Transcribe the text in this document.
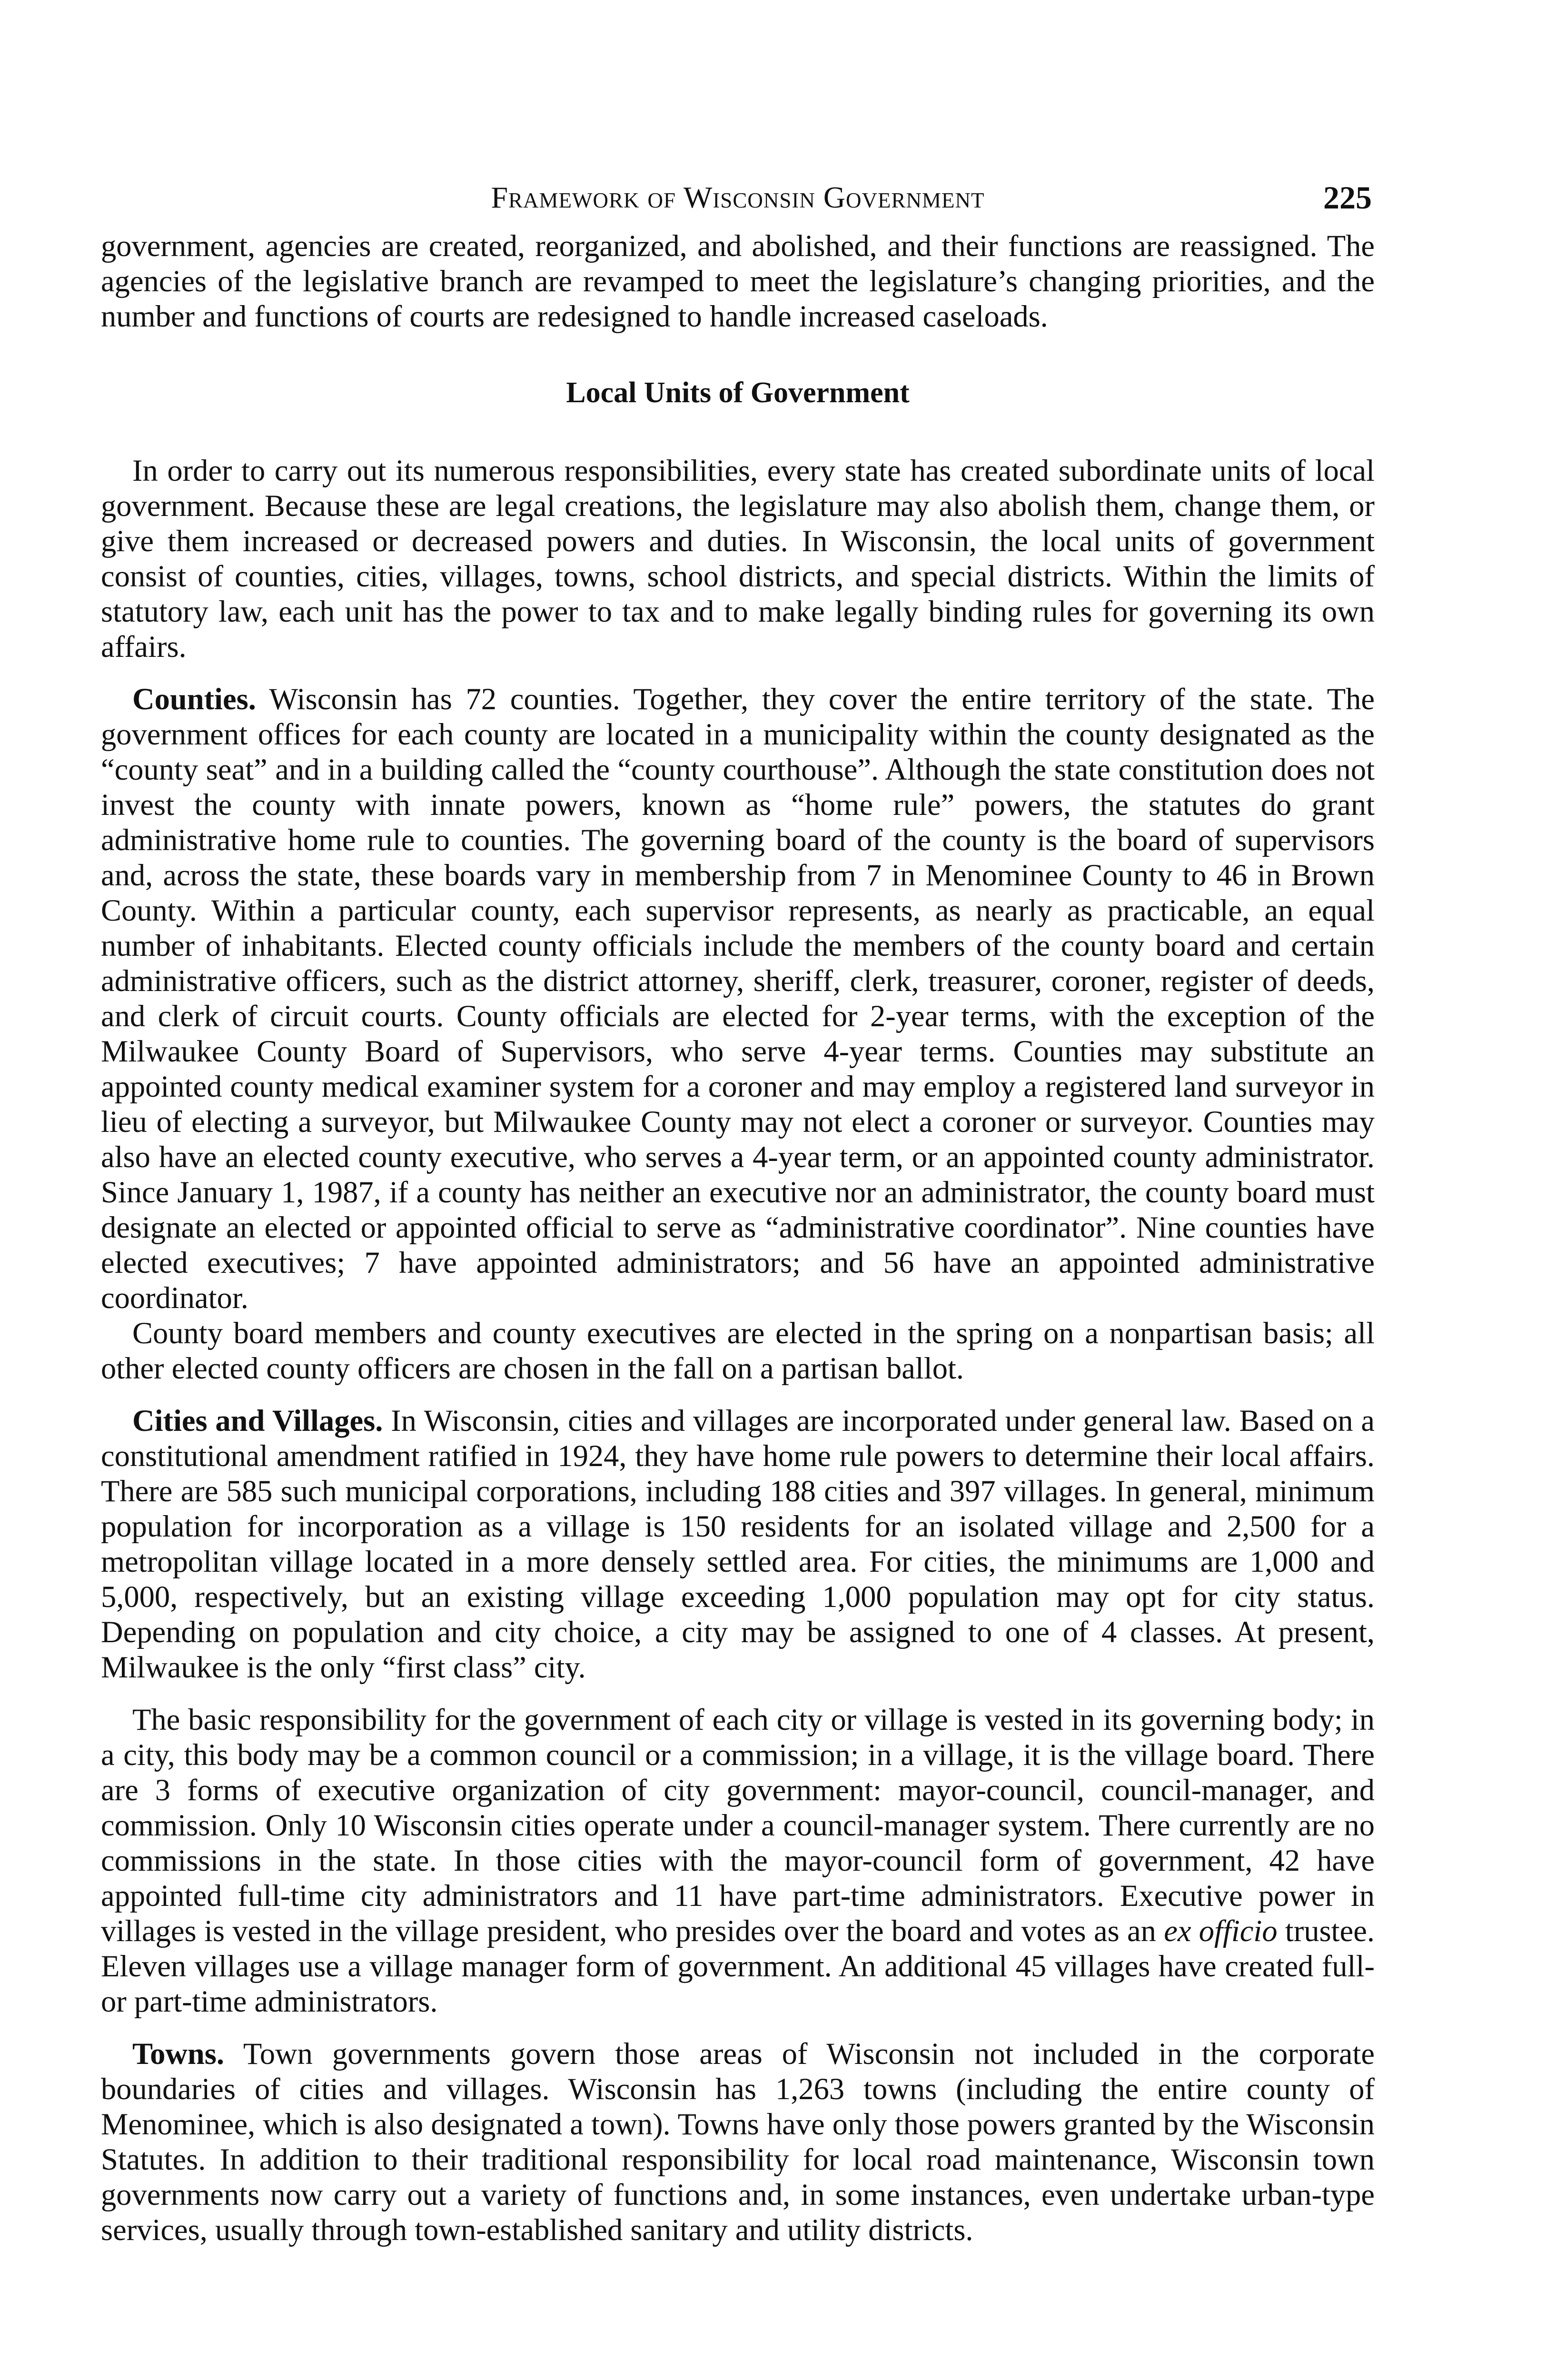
Framework of Wisconsin Government	225

government, agencies are created, reorganized, and abolished, and their functions are reassigned. The agencies of the legislative branch are revamped to meet the legislature’s changing priorities, and the number and functions of courts are redesigned to handle increased caseloads.

Local Units of Government

In order to carry out its numerous responsibilities, every state has created subordinate units of local government. Because these are legal creations, the legislature may also abolish them, change them, or give them increased or decreased powers and duties. In Wisconsin, the local units of government consist of counties, cities, villages, towns, school districts, and special districts. Within the limits of statutory law, each unit has the power to tax and to make legally binding rules for governing its own affairs.

Counties. Wisconsin has 72 counties. Together, they cover the entire territory of the state. The government offices for each county are located in a municipality within the county designated as the “county seat” and in a building called the “county courthouse”. Although the state constitution does not invest the county with innate powers, known as “home rule” powers, the statutes do grant administrative home rule to counties. The governing board of the county is the board of supervisors and, across the state, these boards vary in membership from 7 in Menominee County to 46 in Brown County. Within a particular county, each supervisor represents, as nearly as practicable, an equal number of inhabitants. Elected county officials include the members of the county board and certain administrative officers, such as the district attorney, sheriff, clerk, treasurer, coroner, register of deeds, and clerk of circuit courts. County officials are elected for 2-year terms, with the exception of the Milwaukee County Board of Supervisors, who serve 4-year terms. Counties may substitute an appointed county medical examiner system for a coroner and may employ a registered land surveyor in lieu of electing a surveyor, but Milwaukee County may not elect a coroner or surveyor. Counties may also have an elected county executive, who serves a 4-year term, or an appointed county administrator. Since January 1, 1987, if a county has neither an executive nor an administrator, the county board must designate an elected or appointed official to serve as “administrative coordinator”. Nine counties have elected executives; 7 have appointed administrators; and 56 have an appointed administrative coordinator.

County board members and county executives are elected in the spring on a nonpartisan basis; all other elected county officers are chosen in the fall on a partisan ballot.

Cities and Villages. In Wisconsin, cities and villages are incorporated under general law. Based on a constitutional amendment ratified in 1924, they have home rule powers to determine their local affairs. There are 585 such municipal corporations, including 188 cities and 397 villages. In general, minimum population for incorporation as a village is 150 residents for an isolated village and 2,500 for a metropolitan village located in a more densely settled area. For cities, the minimums are 1,000 and 5,000, respectively, but an existing village exceeding 1,000 population may opt for city status. Depending on population and city choice, a city may be assigned to one of 4 classes. At present, Milwaukee is the only “first class” city.

The basic responsibility for the government of each city or village is vested in its governing body; in a city, this body may be a common council or a commission; in a village, it is the village board. There are 3 forms of executive organization of city government: mayor-council, council-manager, and commission. Only 10 Wisconsin cities operate under a council-manager system. There currently are no commissions in the state. In those cities with the mayor-council form of government, 42 have appointed full-time city administrators and 11 have part-time administrators. Executive power in villages is vested in the village president, who presides over the board and votes as an ex officio trustee. Eleven villages use a village manager form of government. An additional 45 villages have created full- or part-time administrators.

Towns. Town governments govern those areas of Wisconsin not included in the corporate boundaries of cities and villages. Wisconsin has 1,263 towns (including the entire county of Menominee, which is also designated a town). Towns have only those powers granted by the Wisconsin Statutes. In addition to their traditional responsibility for local road maintenance, Wisconsin town governments now carry out a variety of functions and, in some instances, even undertake urban-type services, usually through town-established sanitary and utility districts.
